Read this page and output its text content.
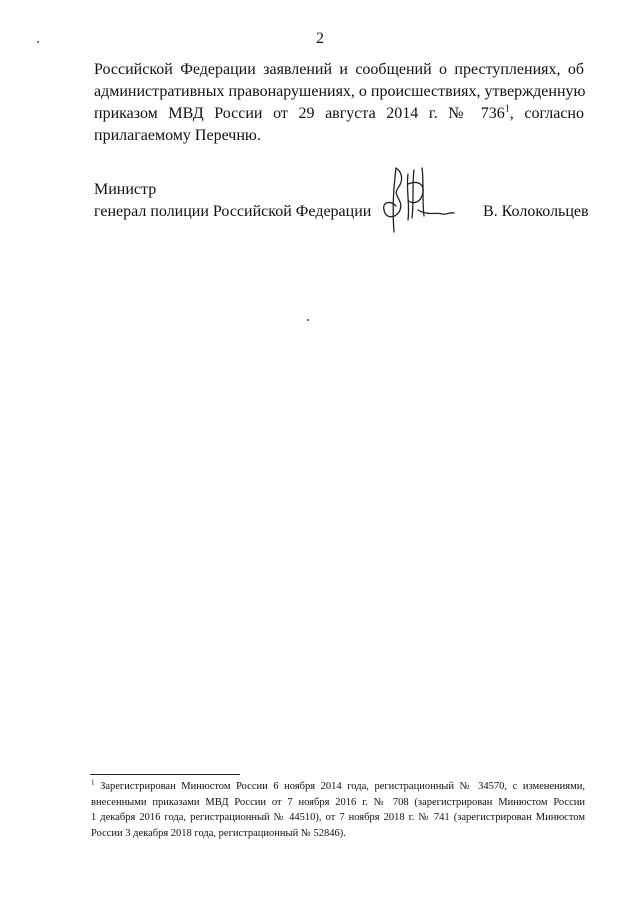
2
Российской Федерации заявлений и сообщений о преступлениях, об
административных правонарушениях, о происшествиях, утвержденную
приказом МВД России от 29 августа 2014 г. № $736^1$, согласно
прилагаемому Перечню.
Министр
генерал полиции Российской Федерации	В. Колокольцев
$^1$ Зарегистрирован Минюстом России 6 ноября 2014 года, регистрационный № 34570, с изменениями,
внесенными приказами МВД России от 7 ноября 2016 г. № 708 (зарегистрирован Минюстом России
1 декабря 2016 года, регистрационный № 44510), от 7 ноября 2018 г. № 741 (зарегистрирован Минюстом
России 3 декабря 2018 года, регистрационный № 52846).
